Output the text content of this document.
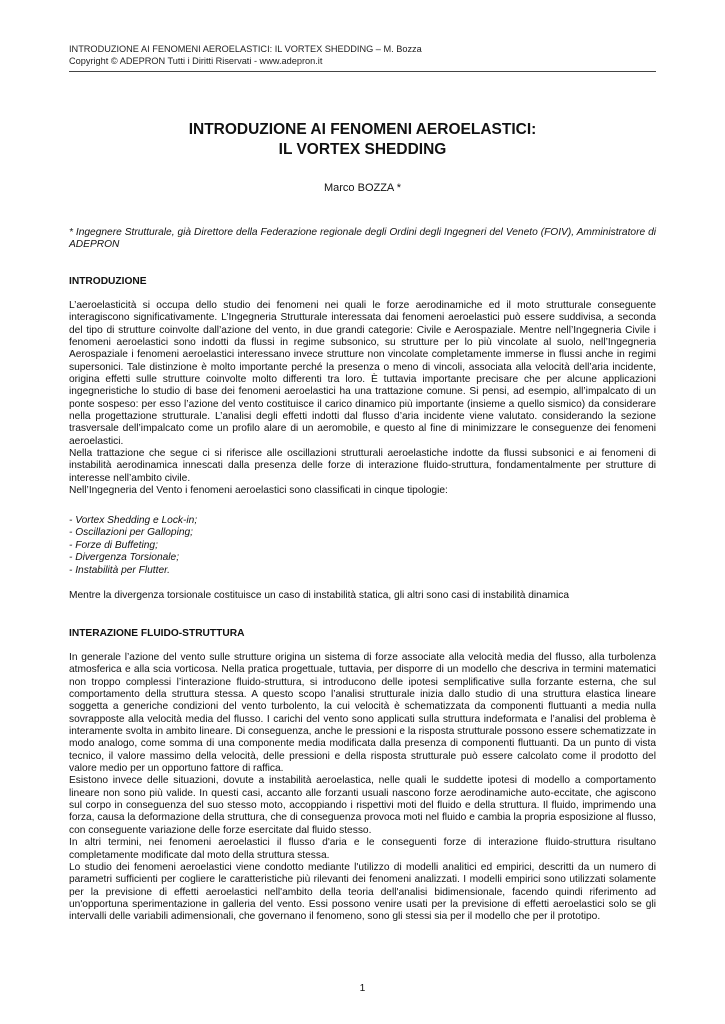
INTRODUZIONE AI FENOMENI AEROELASTICI: IL VORTEX SHEDDING – M. Bozza
Copyright © ADEPRON Tutti i Diritti Riservati - www.adepron.it
INTRODUZIONE AI FENOMENI AEROELASTICI:
IL VORTEX SHEDDING
Marco BOZZA *
* Ingegnere Strutturale, già Direttore della Federazione regionale degli Ordini degli Ingegneri del Veneto (FOIV), Amministratore di ADEPRON
INTRODUZIONE

L’aeroelasticità si occupa dello studio dei fenomeni nei quali le forze aerodinamiche ed il moto strutturale conseguente interagiscono significativamente. L’Ingegneria Strutturale interessata dai fenomeni aeroelastici può essere suddivisa, a seconda del tipo di strutture coinvolte dall’azione del vento, in due grandi categorie: Civile e Aerospaziale. Mentre nell’Ingegneria Civile i fenomeni aeroelastici sono indotti da flussi in regime subsonico, su strutture per lo più vincolate al suolo, nell’Ingegneria Aerospaziale i fenomeni aeroelastici interessano invece strutture non vincolate completamente immerse in flussi anche in regimi supersonici. Tale distinzione è molto importante perché la presenza o meno di vincoli, associata alla velocità dell’aria incidente, origina effetti sulle strutture coinvolte molto differenti tra loro. È tuttavia importante precisare che per alcune applicazioni ingegneristiche lo studio di base dei fenomeni aeroelastici ha una trattazione comune. Si pensi, ad esempio, all’impalcato di un ponte sospeso: per esso l’azione del vento costituisce il carico dinamico più importante (insieme a quello sismico) da considerare nella progettazione strutturale. L’analisi degli effetti indotti dal flusso d’aria incidente viene valutato. considerando la sezione trasversale dell’impalcato come un profilo alare di un aeromobile, e questo al fine di minimizzare le conseguenze dei fenomeni aeroelastici.

Nella trattazione che segue ci si riferisce alle oscillazioni strutturali aeroelastiche indotte da flussi subsonici e ai fenomeni di instabilità aerodinamica innescati dalla presenza delle forze di interazione fluido-struttura, fondamentalmente per strutture di interesse nell’ambito civile.

Nell’Ingegneria del Vento i fenomeni aeroelastici sono classificati in cinque tipologie:

- Vortex Shedding e Lock-in;
- Oscillazioni per Galloping;
- Forze di Buffeting;
- Divergenza Torsionale;
- Instabilità per Flutter.

Mentre la divergenza torsionale costituisce un caso di instabilità statica, gli altri sono casi di instabilità dinamica

INTERAZIONE FLUIDO-STRUTTURA

In generale l’azione del vento sulle strutture origina un sistema di forze associate alla velocità media del flusso, alla turbolenza atmosferica e alla scia vorticosa. Nella pratica progettuale, tuttavia, per disporre di un modello che descriva in termini matematici non troppo complessi l’interazione fluido-struttura, si introducono delle ipotesi semplificative sulla forzante esterna, che sul comportamento della struttura stessa. A questo scopo l’analisi strutturale inizia dallo studio di una struttura elastica lineare soggetta a generiche condizioni del vento turbolento, la cui velocità è schematizzata da componenti fluttuanti a media nulla sovrapposte alla velocità media del flusso. I carichi del vento sono applicati sulla struttura indeformata e l’analisi del problema è interamente svolta in ambito lineare. Di conseguenza, anche le pressioni e la risposta strutturale possono essere schematizzate in modo analogo, come somma di una componente media modificata dalla presenza di componenti fluttuanti. Da un punto di vista tecnico, il valore massimo della velocità, delle pressioni e della risposta strutturale può essere calcolato come il prodotto del valore medio per un opportuno fattore di raffica.

Esistono invece delle situazioni, dovute a instabilità aeroelastica, nelle quali le suddette ipotesi di modello a comportamento lineare non sono più valide. In questi casi, accanto alle forzanti usuali nascono forze aerodinamiche auto-eccitate, che agiscono sul corpo in conseguenza del suo stesso moto, accoppiando i rispettivi moti del fluido e della struttura. Il fluido, imprimendo una forza, causa la deformazione della struttura, che di conseguenza provoca moti nel fluido e cambia la propria esposizione al flusso, con conseguente variazione delle forze esercitate dal fluido stesso.

In altri termini, nei fenomeni aeroelastici il flusso d'aria e le conseguenti forze di interazione fluido-struttura risultano completamente modificate dal moto della struttura stessa.

Lo studio dei fenomeni aeroelastici viene condotto mediante l'utilizzo di modelli analitici ed empirici, descritti da un numero di parametri sufficienti per cogliere le caratteristiche più rilevanti dei fenomeni analizzati. I modelli empirici sono utilizzati solamente per la previsione di effetti aeroelastici nell'ambito della teoria dell'analisi bidimensionale, facendo quindi riferimento ad un'opportuna sperimentazione in galleria del vento. Essi possono venire usati per la previsione di effetti aeroelastici solo se gli intervalli delle variabili adimensionali, che governano il fenomeno, sono gli stessi sia per il modello che per il prototipo.

1
